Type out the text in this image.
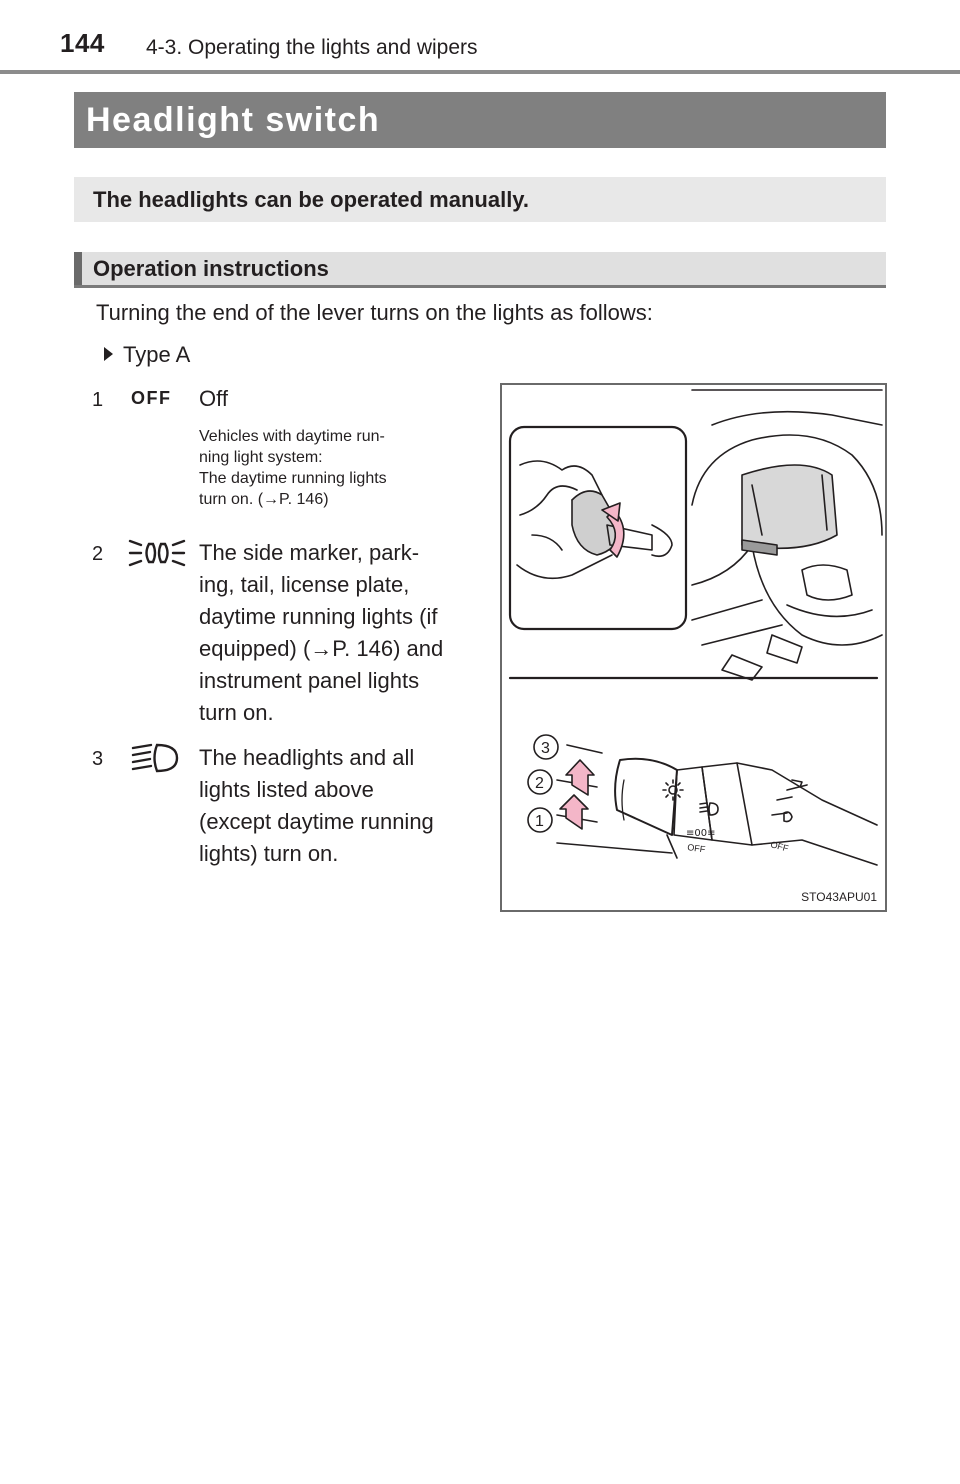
144 4-3. Operating the lights and wipers
Headlight switch
The headlights can be operated manually.
Operation instructions
Turning the end of the lever turns on the lights as follows:
Type A
1 OFF Off
Vehicles with daytime run-
ning light system:
The daytime running lights
turn on. (→P. 146)
2	The side marker, park-
ing, tail, license plate,
daytime running lights (if
equipped) (→P. 146) and
instrument panel lights
turn on.
3	The headlights and all
lights listed above
(except daytime running
lights) turn on.
≡00≡
OFF	OFF
3
2
1
STO43APU01
